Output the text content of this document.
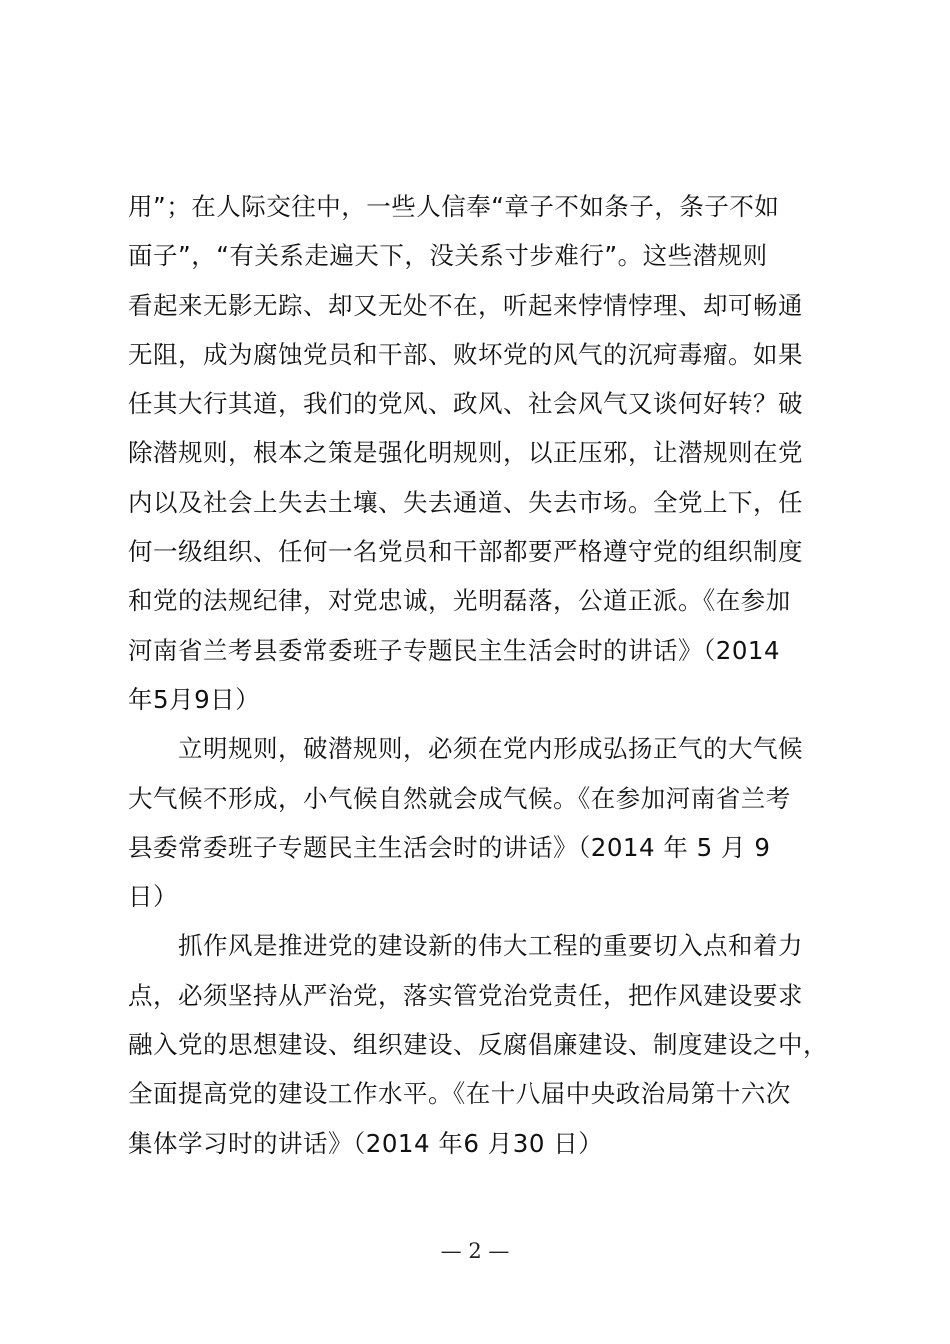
用”；在人际交往中，一些人信奉“章子不如条子，条子不如
面子”，“有关系走遍天下，没关系寸步难行”。这些潜规则
看起来无影无踪、却又无处不在，听起来悖情悖理、却可畅通
无阻，成为腐蚀党员和干部、败坏党的风气的沉疴毒瘤。如果
任其大行其道，我们的党风、政风、社会风气又谈何好转？破
除潜规则，根本之策是强化明规则，以正压邪，让潜规则在党
内以及社会上失去土壤、失去通道、失去市场。全党上下，任
何一级组织、任何一名党员和干部都要严格遵守党的组织制度
和党的法规纪律，对党忠诚，光明磊落，公道正派。《在参加
河南省兰考县委常委班子专题民主生活会时的讲话》（2014
年5月9日）
立明规则，破潜规则，必须在党内形成弘扬正气的大气候
大气候不形成，小气候自然就会成气候。《在参加河南省兰考
县委常委班子专题民主生活会时的讲话》（2014 年 5 月 9
日）
抓作风是推进党的建设新的伟大工程的重要切入点和着力
点，必须坚持从严治党，落实管党治党责任，把作风建设要求
融入党的思想建设、组织建设、反腐倡廉建设、制度建设之中，
全面提高党的建设工作水平。《在十八届中央政治局第十六次
集体学习时的讲话》（2014 年6 月30 日）
— 2 —
